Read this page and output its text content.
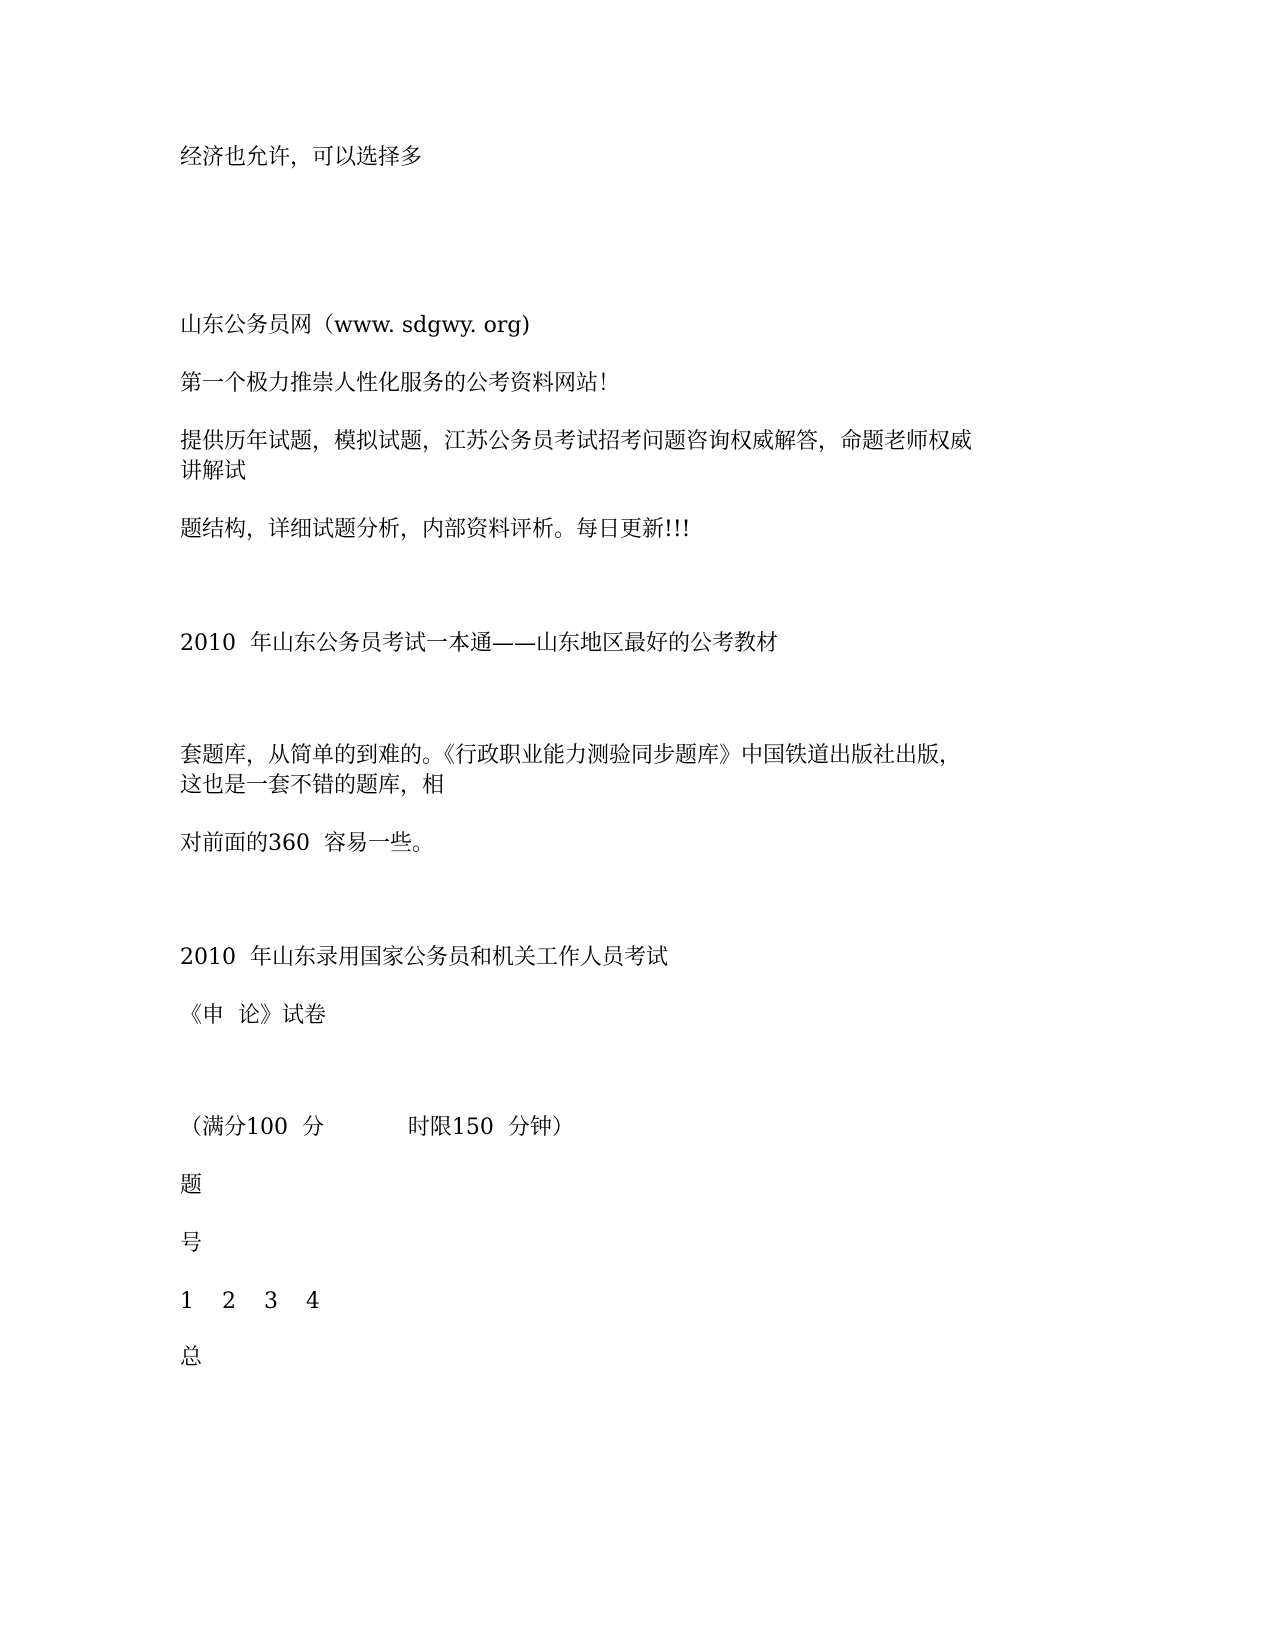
经济也允许，可以选择多

山东公务员网（www. sdgwy. org)

第一个极力推崇人性化服务的公考资料网站！

提供历年试题，模拟试题，江苏公务员考试招考问题咨询权威解答，命题老师权威

讲解试

题结构，详细试题分析，内部资料评析。每日更新!!!

2010  年山东公务员考试一本通——山东地区最好的公考教材

套题库，从简单的到难的。《行政职业能力测验同步题库》中国铁道出版社出版，

这也是一套不错的题库，相

对前面的360  容易一些。

2010  年山东录用国家公务员和机关工作人员考试

《申  论》试卷

（满分100  分            时限150  分钟）

题

号

1    2    3    4

总
